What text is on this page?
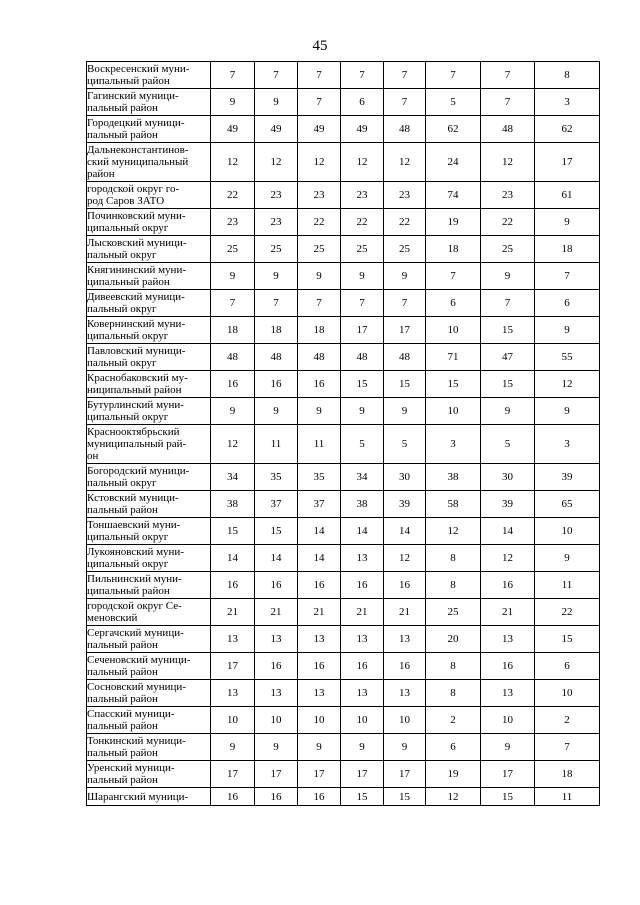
45
Воскресенский муни-
ципальный район	7	7	7	7	7	7	7	8

Гагинский муници-
пальный район	9	9	7	6	7	5	7	3

Городецкий муници-
пальный район	49	49	49	49	48	62	48	62

Дальнеконстантинов-
ский муниципальный
район	12	12	12	12	12	24	12	17

городской округ го-
род Саров ЗАТО	22	23	23	23	23	74	23	61

Починковский муни-
ципальный округ	23	23	22	22	22	19	22	9

Лысковский муници-
пальный округ	25	25	25	25	25	18	25	18

Княгининский муни-
ципальный район	9	9	9	9	9	7	9	7

Дивеевский муници-
пальный округ	7	7	7	7	7	6	7	6

Ковернинский муни-
ципальный округ	18	18	18	17	17	10	15	9

Павловский муници-
пальный округ	48	48	48	48	48	71	47	55

Краснобаковский му-
ниципальный район	16	16	16	15	15	15	15	12

Бутурлинский муни-
ципальный округ	9	9	9	9	9	10	9	9

Краснооктябрьский
муниципальный рай-
он	12	11	11	5	5	3	5	3

Богородский муници-
пальный округ	34	35	35	34	30	38	30	39

Кстовский муници-
пальный район	38	37	37	38	39	58	39	65

Тоншаевский муни-
ципальный округ	15	15	14	14	14	12	14	10

Лукояновский муни-
ципальный округ	14	14	14	13	12	8	12	9

Пильнинский муни-
ципальный район	16	16	16	16	16	8	16	11

городской округ Се-
меновский	21	21	21	21	21	25	21	22

Сергачский муници-
пальный район	13	13	13	13	13	20	13	15

Сеченовский муници-
пальный район	17	16	16	16	16	8	16	6

Сосновский муници-
пальный район	13	13	13	13	13	8	13	10

Спасский муници-
пальный район	10	10	10	10	10	2	10	2

Тонкинский муници-
пальный район	9	9	9	9	9	6	9	7

Уренский муници-
пальный район	17	17	17	17	17	19	17	18

Шарангский муници-	16	16	16	15	15	12	15	11
